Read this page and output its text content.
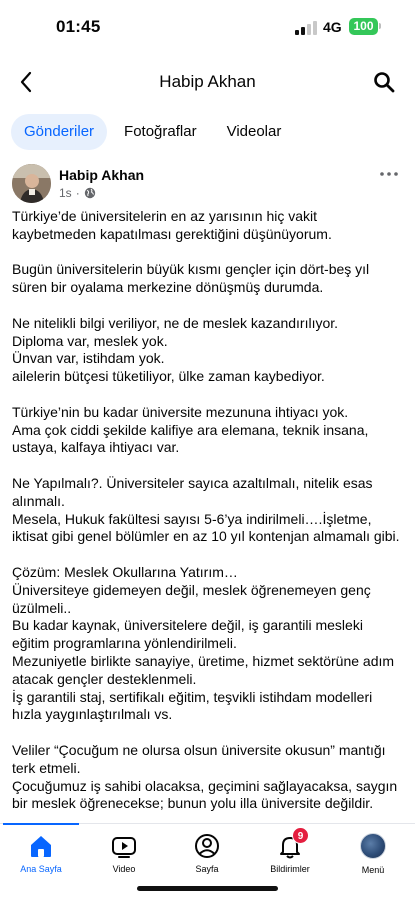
01:45	4G 100
Habip Akhan
Gönderiler	Fotoğraflar	Videolar
Habip Akhan
1s ·

Türkiye’de üniversitelerin en az yarısının hiç vakit kaybetmeden kapatılması gerektiğini düşünüyorum.

Bugün üniversitelerin büyük kısmı gençler için dört-beş yıl süren bir oyalama merkezine dönüşmüş durumda.

Ne nitelikli bilgi veriliyor, ne de meslek kazandırılıyor.
Diploma var, meslek yok.
Ünvan var, istihdam yok.
ailelerin bütçesi tüketiliyor, ülke zaman kaybediyor.

Türkiye’nin bu kadar üniversite mezununa ihtiyacı yok.
Ama çok ciddi şekilde kalifiye ara elemana, teknik insana, ustaya, kalfaya ihtiyacı var.

Ne Yapılmalı?. Üniversiteler sayıca azaltılmalı, nitelik esas alınmalı.
Mesela, Hukuk fakültesi sayısı 5-6’ya indirilmeli….İşletme, iktisat gibi genel bölümler en az 10 yıl kontenjan almamalı gibi.

Çözüm: Meslek Okullarına Yatırım…
Üniversiteye gidemeyen değil, meslek öğrenemeyen genç üzülmeli..
Bu kadar kaynak, üniversitelere değil, iş garantili mesleki eğitim programlarına yönlendirilmeli.
Mezuniyetle birlikte sanayiye, üretime, hizmet sektörüne adım atacak gençler desteklenmeli.
İş garantili staj, sertifikalı eğitim, teşvikli istihdam modelleri hızla yaygınlaştırılmalı vs.

Veliler “Çocuğum ne olursa olsun üniversite okusun” mantığı terk etmeli.
Çocuğumuz iş sahibi olacaksa, geçimini sağlayacaksa, saygın bir meslek öğrenecekse; bunun yolu illa üniversite değildir.

Ana Sayfa	Video	Sayfa
9
Bildirimler	Menü
